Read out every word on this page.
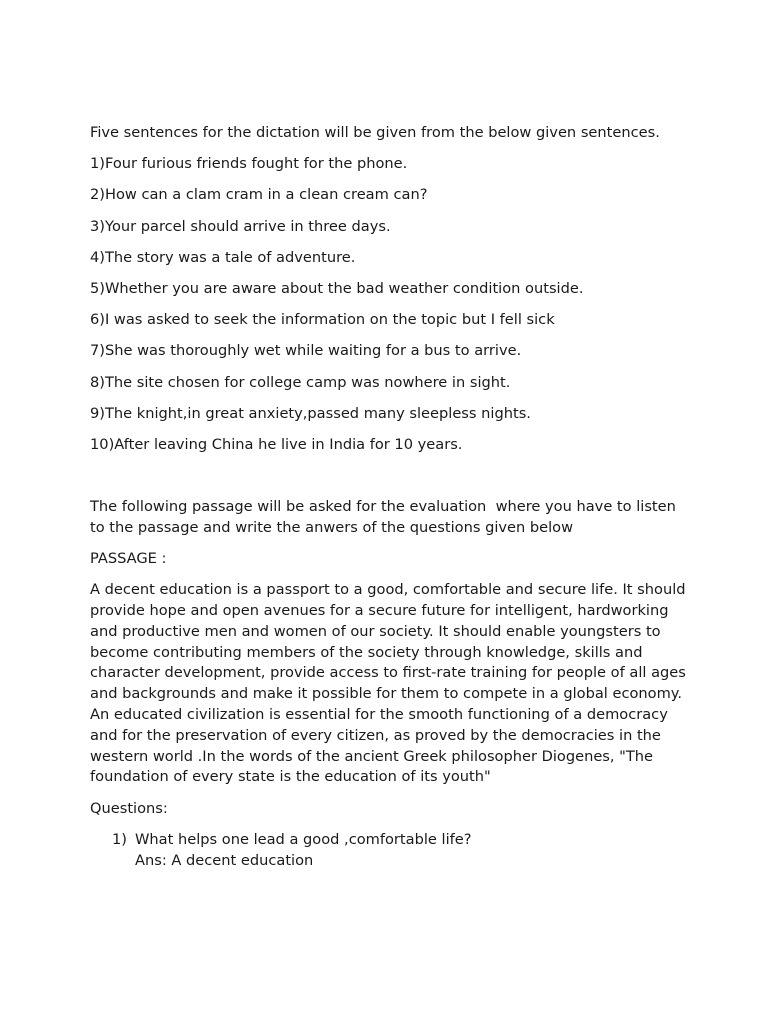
Five sentences for the dictation will be given from the below given sentences.

1)Four furious friends fought for the phone.

2)How can a clam cram in a clean cream can?

3)Your parcel should arrive in three days.

4)The story was a tale of adventure.

5)Whether you are aware about the bad weather condition outside.

6)I was asked to seek the information on the topic but I fell sick

7)She was thoroughly wet while waiting for a bus to arrive.

8)The site chosen for college camp was nowhere in sight.

9)The knight,in great anxiety,passed many sleepless nights.

10)After leaving China he live in India for 10 years.

The following passage will be asked for the evaluation  where you have to listen  to the passage and write the anwers of the questions given below

PASSAGE :

A decent education is a passport to a good, comfortable and secure life. It should provide hope and open avenues for a secure future for intelligent, hardworking and productive men and women of our society. It should enable youngsters to become contributing members of the society through knowledge, skills and character development, provide access to first-rate training for people of all ages and backgrounds and make it possible for them to compete in a global economy. An educated civilization is essential for the smooth functioning of a democracy and for the preservation of every citizen, as proved by the democracies in the western world .In the words of the ancient Greek philosopher Diogenes, "The foundation of every state is the education of its youth"

Questions:

1) What helps one lead a good ,comfortable life?
Ans: A decent education
